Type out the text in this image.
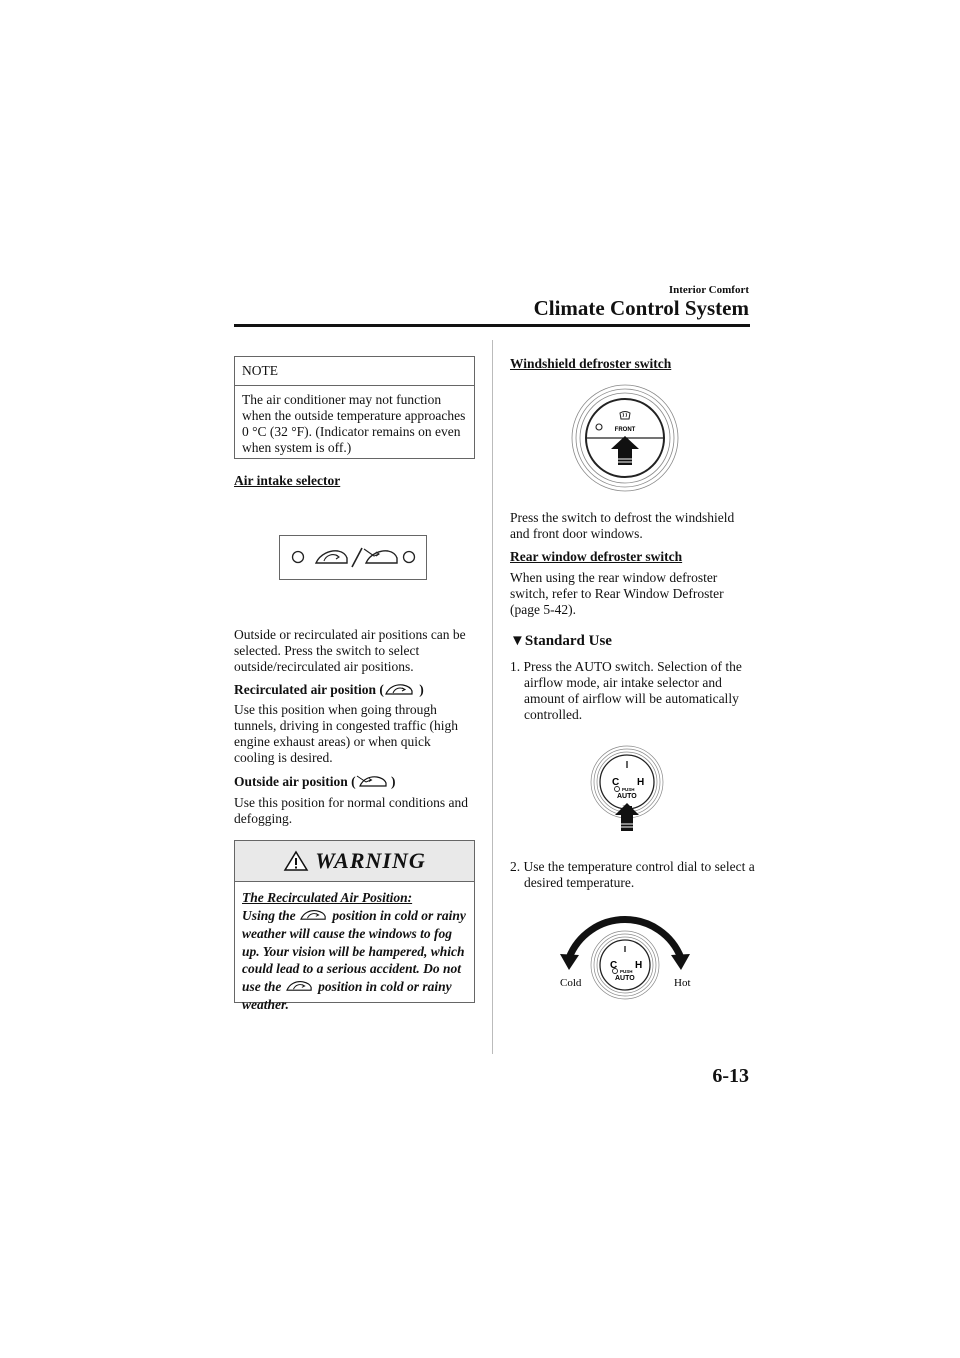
Interior Comfort
Climate Control System
NOTE
The air conditioner may not function when the outside temperature approaches 0 °C (32 °F). (Indicator remains on even when system is off.)
Air intake selector
Outside or recirculated air positions can be selected. Press the switch to select outside/recirculated air positions.
Recirculated air position (	)
Use this position when going through tunnels, driving in congested traffic (high engine exhaust areas) or when quick cooling is desired.
Outside air position (	)
Use this position for normal conditions and defogging.
WARNING
The Recirculated Air Position:
Using the	position in cold or rainy weather will cause the windows to fog up. Your vision will be hampered, which could lead to a serious accident. Do not use the	position in cold or rainy weather.
Windshield defroster switch
FRONT
Press the switch to defrost the windshield and front door windows.
Rear window defroster switch
When using the rear window defroster switch, refer to Rear Window Defroster (page 5-42).
▼Standard Use
1. Press the AUTO switch. Selection of the airflow mode, air intake selector and amount of airflow will be automatically controlled.
C H
PUSH
AUTO
2. Use the temperature control dial to select a desired temperature.
C H
PUSH
AUTO
Cold	Hot
6-13
